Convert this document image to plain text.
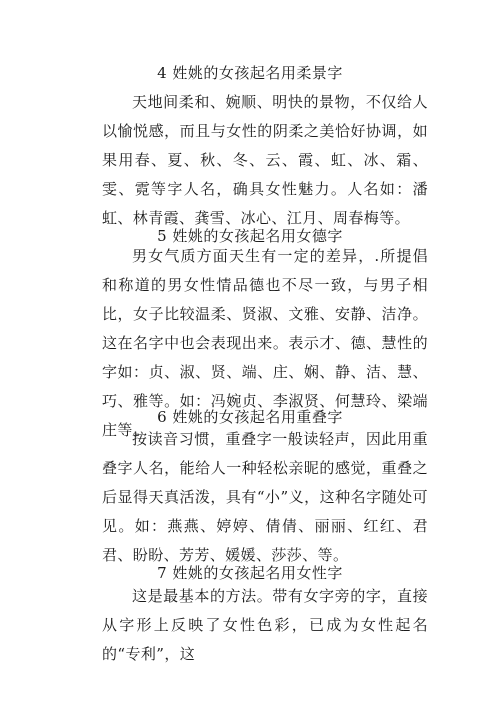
4 姓姚的女孩起名用柔景字

天地间柔和、婉顺、明快的景物，不仅给人以愉悦感，而且与女性的阴柔之美恰好协调，如果用春、夏、秋、冬、云、霞、虹、冰、霜、雯、霓等字人名，确具女性魅力。人名如：潘虹、林青霞、龚雪、冰心、江月、周春梅等。

5 姓姚的女孩起名用女德字

男女气质方面天生有一定的差异，.所提倡和称道的男女性情品德也不尽一致，与男子相比，女子比较温柔、贤淑、文雅、安静、洁净。这在名字中也会表现出来。表示才、德、慧性的字如：贞、淑、贤、端、庄、娴、静、洁、慧、巧、雅等。如：冯婉贞、李淑贤、何慧玲、梁端庄等。

6 姓姚的女孩起名用重叠字

按读音习惯，重叠字一般读轻声，因此用重叠字人名，能给人一种轻松亲昵的感觉，重叠之后显得天真活泼，具有“小”义，这种名字随处可见。如：燕燕、婷婷、倩倩、丽丽、红红、君君、盼盼、芳芳、媛媛、莎莎、等。

7 姓姚的女孩起名用女性字

这是最基本的方法。带有女字旁的字，直接从字形上反映了女性色彩，已成为女性起名的“专利”，这
